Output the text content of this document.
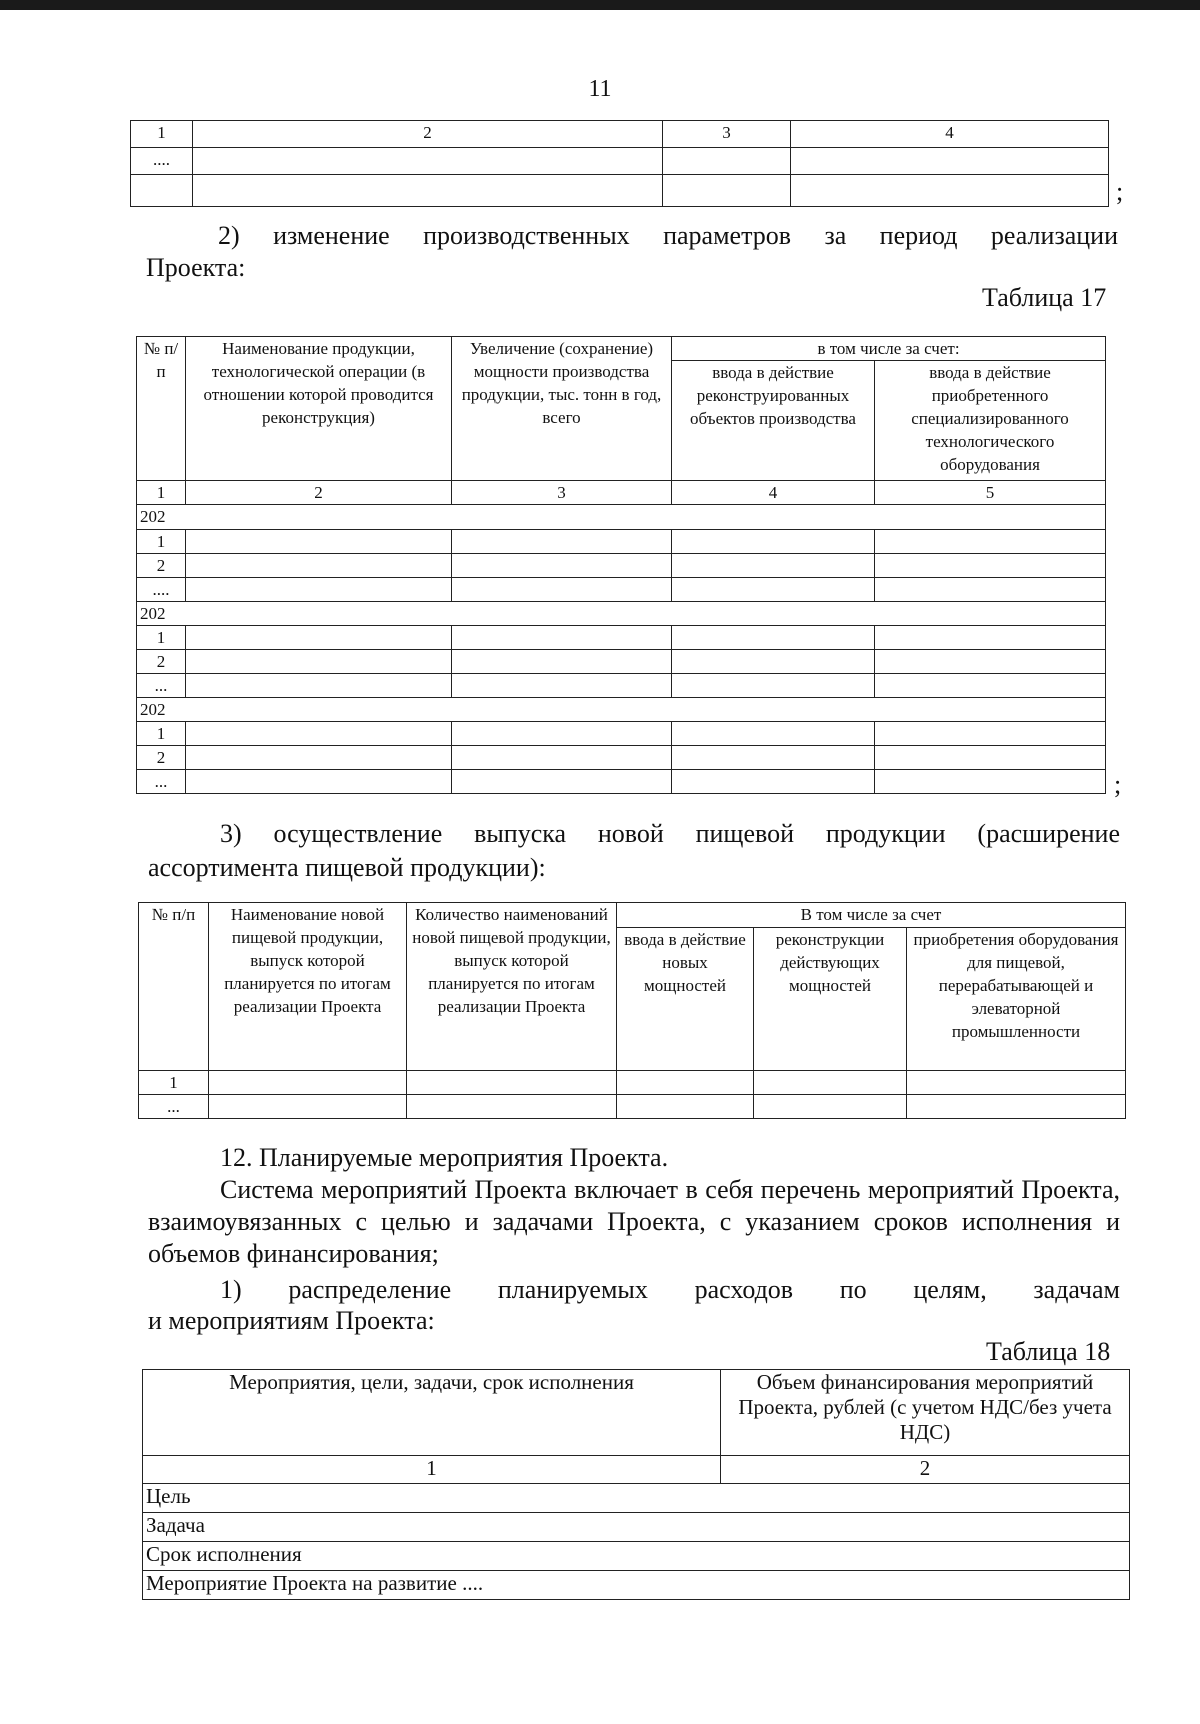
11
1	2	3	4
....			

;
2) изменение производственных параметров за период реализации
Проекта:
Таблица 17
№ п/п	Наименование продукции, технологической операции (в отношении которой проводится реконструкция)	Увеличение (сохранение) мощности производства продукции, тыс. тонн в год, всего	в том числе за счет:	
			ввода в действие реконструированных объектов производства	ввода в действие приобретенного специализированного технологического оборудования
1	2	3	4	5
202				
1				
2				
....				
202				
1				
2				
...				
202				
1				
2				
...					;
3) осуществление выпуска новой пищевой продукции (расширение
ассортимента пищевой продукции):
№ п/п	Наименование новой пищевой продукции, выпуск которой планируется по итогам реализации Проекта	Количество наименований новой пищевой продукции, выпуск которой планируется по итогам реализации Проекта	В том числе за счет		
			ввода в действие новых мощностей	реконструкции действующих мощностей	приобретения оборудования для пищевой, перерабатывающей и элеваторной промышленности
1					
...					
12. Планируемые мероприятия Проекта.
Система мероприятий Проекта включает в себя перечень мероприятий Проекта, взаимоувязанных с целью и задачами Проекта, с указанием сроков исполнения и объемов финансирования;
1) распределение планируемых расходов по целям, задачам
и мероприятиям Проекта:
Таблица 18
Мероприятия, цели, задачи, срок исполнения	Объем финансирования мероприятий Проекта, рублей (с учетом НДС/без учета НДС)
1	2
Цель	
Задача	
Срок исполнения	
Мероприятие Проекта на развитие ....	
